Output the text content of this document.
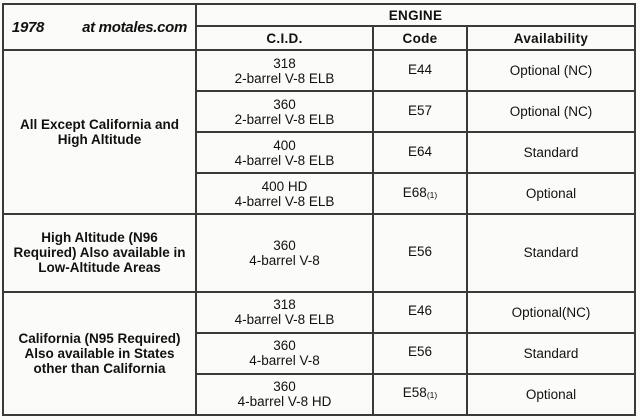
1978 at motales.com	ENGINE		
	C.I.D.	Code	Availability
All Except California and High Altitude	318
2-barrel V-8 ELB	E44	Optional (NC)

	360
2-barrel V-8 ELB	E57	Optional (NC)

	400
4-barrel V-8 ELB	E64	Standard

	400 HD
4-barrel V-8 ELB	$E68_{(1)}$	Optional
High Altitude (N96 Required) Also available in Low-Altitude Areas	360
4-barrel V-8	E56	Standard
California (N95 Required) Also available in States other than California	318
4-barrel V-8 ELB	E46	Optional(NC)

	360
4-barrel V-8	E56	Standard

	360
4-barrel V-8 HD	$E58_{(1)}$	Optional
